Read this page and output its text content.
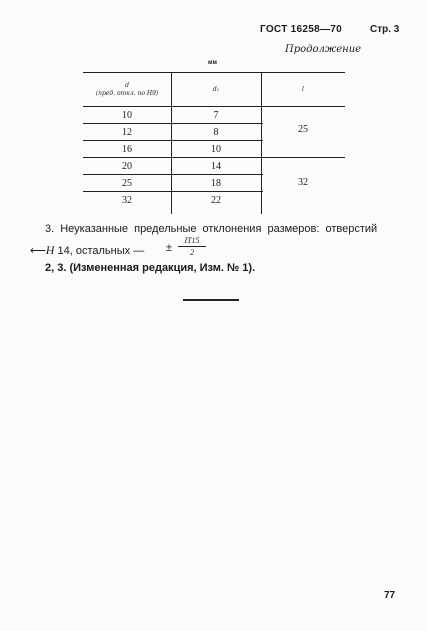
ГОСТ 16258—70	Стр. 3
Продолжение
мм
d
(пред. откл. по H9)
d₁	l
10
12
16
20
25
32
7
8
10
14
18
22
25
32
3. Неуказанные предельные отклонения размеров: отверстий
⟵H 14, остальных — ±
IT15
2
2, 3. (Измененная редакция, Изм. № 1).
77
